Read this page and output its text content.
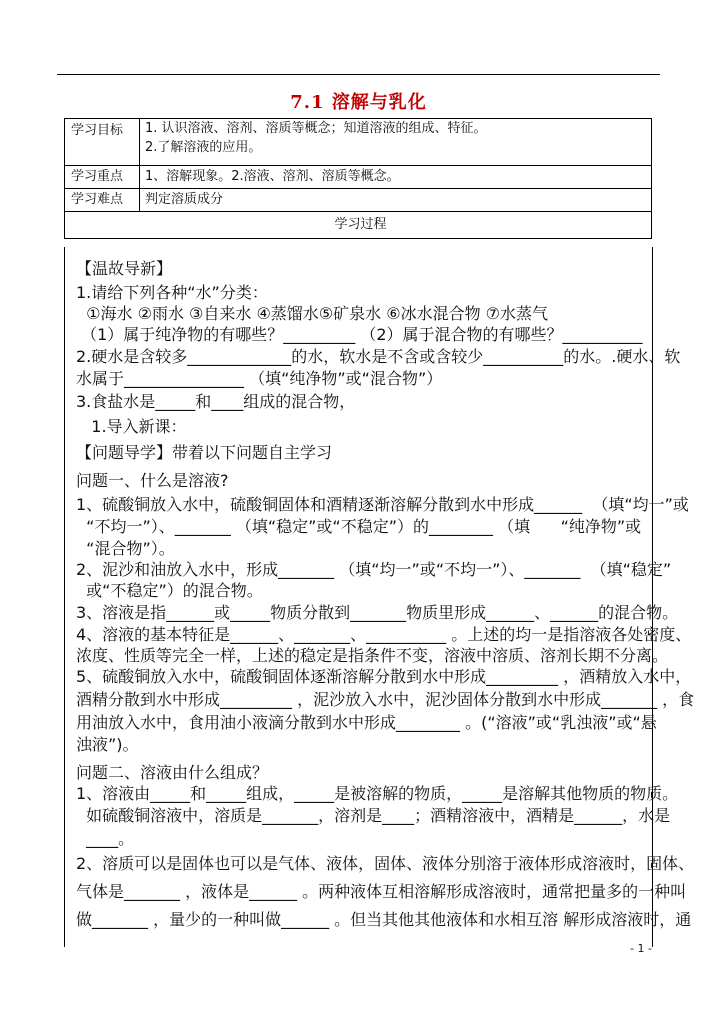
7.1 溶解与乳化
学习目标	1. 认识溶液、溶剂、溶质等概念；知道溶液的组成、特征。
2.了解溶液的应用。

学习重点	1、溶解现象。2.溶液、溶剂、溶质等概念。
学习难点	判定溶质成分
学习过程	
【温故导新】
1.请给下列各种“水”分类：
①海水 ②雨水 ③自来水 ④蒸馏水⑤矿泉水 ⑥冰水混合物 ⑦水蒸气
（1）属于纯净物的有哪些？_________ （2）属于混合物的有哪些？__________
2.硬水是含较多_____________的水，软水是不含或含较少__________的水。.硬水、软
水属于_______________ （填“纯净物”或“混合物”）
3.食盐水是_____和____组成的混合物，
1.导入新课：
【问题导学】带着以下问题自主学习
问题一、什么是溶液?
1、硫酸铜放入水中，硫酸铜固体和酒精逐渐溶解分散到水中形成______  （填“均一”或
“不均一”）、_______ （填“稳定”或“不稳定”）的________ （填      “纯净物”或
“混合物”）。
2、泥沙和油放入水中，形成_______ （填“均一”或“不均一”）、_______  （填“稳定”
或“不稳定”）的混合物。
3、溶液是指______或_____物质分散到_______物质里形成______、______的混合物。
4、溶液的基本特征是______、_______、__________ 。上述的均一是指溶液各处密度、
浓度、性质等完全一样，上述的稳定是指条件不变，溶液中溶质、溶剂长期不分离。
5、硫酸铜放入水中，硫酸铜固体逐渐溶解分散到水中形成_________ ，酒精放入水中，
酒精分散到水中形成_________ ，泥沙放入水中，泥沙固体分散到水中形成_______ ，食
用油放入水中，食用油小液滴分散到水中形成________ 。(“溶液”或“乳浊液”或“悬
浊液”)。
问题二、溶液由什么组成？
1、溶液由_____和_____组成，_____是被溶解的物质，_____是溶解其他物质的物质。
如硫酸铜溶液中，溶质是_______，溶剂是____；酒精溶液中，酒精是______，水是
____。
2、溶质可以是固体也可以是气体、液体，固体、液体分别溶于液体形成溶液时，固体、
气体是_______ ，液体是______ 。两种液体互相溶解形成溶液时，通常把量多的一种叫
做_______ ，量少的一种叫做______ 。但当其他其他液体和水相互溶 解形成溶液时，通
- 1 -
